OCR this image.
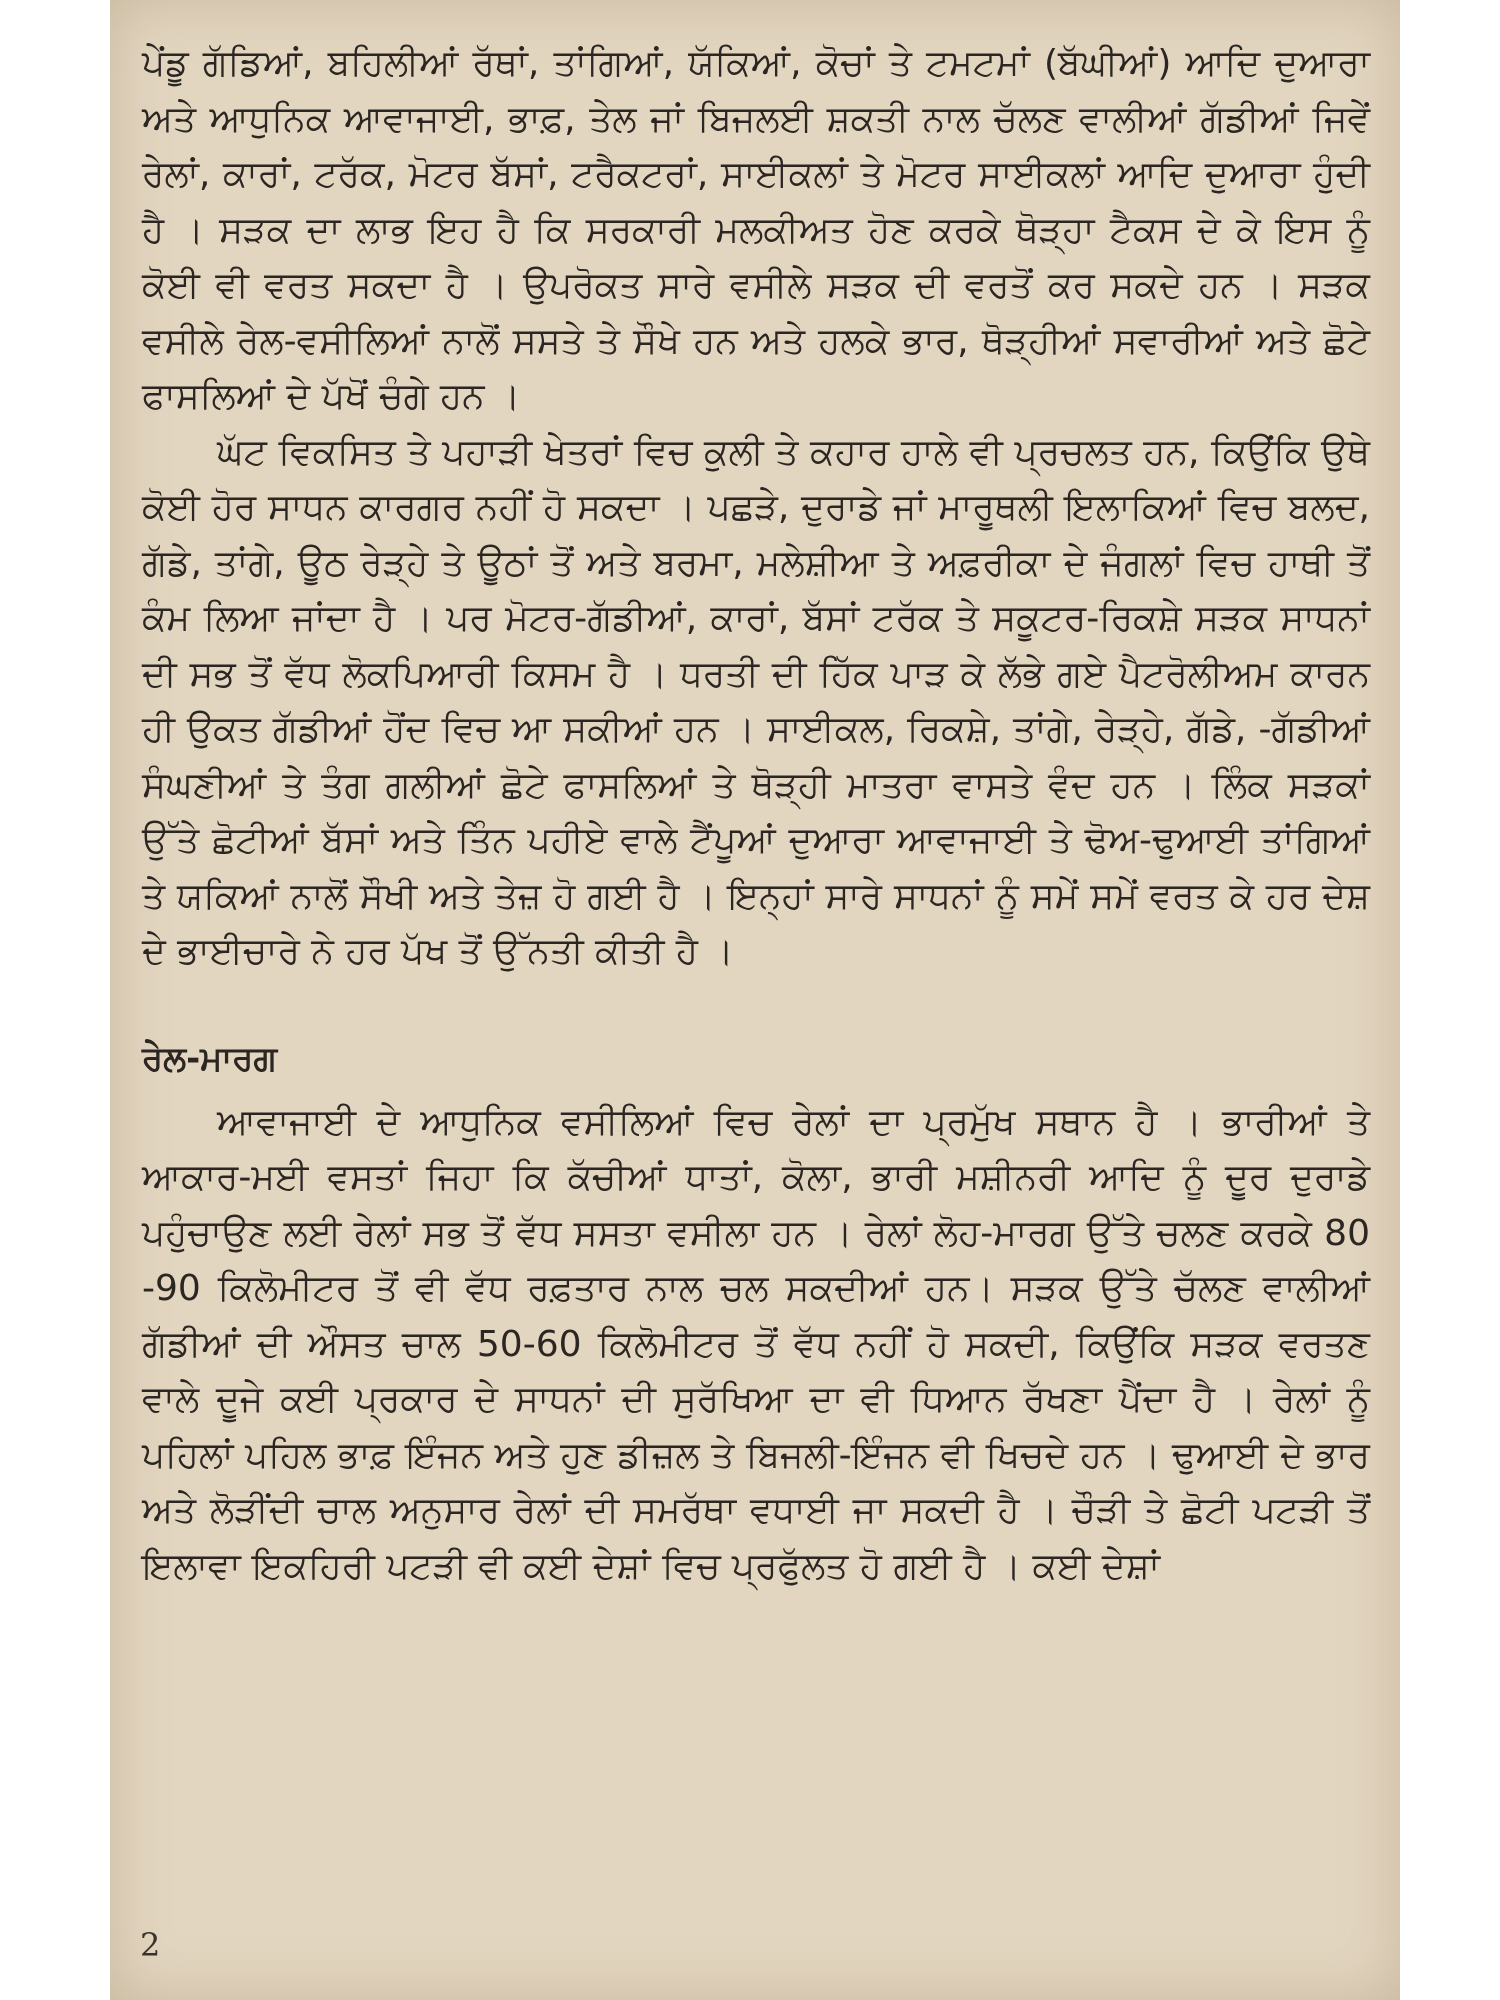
ਪੇਂਡੂ ਗੱਡਿਆਂ, ਬਹਿਲੀਆਂ ਰੱਥਾਂ, ਤਾਂਗਿਆਂ, ਯੱਕਿਆਂ, ਕੋਚਾਂ ਤੇ ਟਮਟਮਾਂ (ਬੱਘੀਆਂ) ਆਦਿ ਦੁਆਰਾ ਅਤੇ ਆਧੁਨਿਕ ਆਵਾਜਾਈ, ਭਾਫ਼, ਤੇਲ ਜਾਂ ਬਿਜਲਈ ਸ਼ਕਤੀ ਨਾਲ ਚੱਲਣ ਵਾਲੀਆਂ ਗੱਡੀਆਂ ਜਿਵੇਂ ਰੇਲਾਂ, ਕਾਰਾਂ, ਟਰੱਕ, ਮੋਟਰ ਬੱਸਾਂ, ਟਰੈਕਟਰਾਂ, ਸਾਈਕਲਾਂ ਤੇ ਮੋਟਰ ਸਾਈਕਲਾਂ ਆਦਿ ਦੁਆਰਾ ਹੁੰਦੀ ਹੈ । ਸੜਕ ਦਾ ਲਾਭ ਇਹ ਹੈ ਕਿ ਸਰਕਾਰੀ ਮਲਕੀਅਤ ਹੋਣ ਕਰਕੇ ਥੋੜ੍ਹਾ ਟੈਕਸ ਦੇ ਕੇ ਇਸ ਨੂੰ ਕੋਈ ਵੀ ਵਰਤ ਸਕਦਾ ਹੈ । ਉਪਰੋਕਤ ਸਾਰੇ ਵਸੀਲੇ ਸੜਕ ਦੀ ਵਰਤੋਂ ਕਰ ਸਕਦੇ ਹਨ । ਸੜਕ ਵਸੀਲੇ ਰੇਲ-ਵਸੀਲਿਆਂ ਨਾਲੋਂ ਸਸਤੇ ਤੇ ਸੌਖੇ ਹਨ ਅਤੇ ਹਲਕੇ ਭਾਰ, ਥੋੜ੍ਹੀਆਂ ਸਵਾਰੀਆਂ ਅਤੇ ਛੋਟੇ ਫਾਸਲਿਆਂ ਦੇ ਪੱਖੋਂ ਚੰਗੇ ਹਨ ।

ਘੱਟ ਵਿਕਸਿਤ ਤੇ ਪਹਾੜੀ ਖੇਤਰਾਂ ਵਿਚ ਕੁਲੀ ਤੇ ਕਹਾਰ ਹਾਲੇ ਵੀ ਪ੍ਰਚਲਤ ਹਨ, ਕਿਉਂਕਿ ਉਥੇ ਕੋਈ ਹੋਰ ਸਾਧਨ ਕਾਰਗਰ ਨਹੀਂ ਹੋ ਸਕਦਾ । ਪਛੜੇ, ਦੁਰਾਡੇ ਜਾਂ ਮਾਰੂਥਲੀ ਇਲਾਕਿਆਂ ਵਿਚ ਬਲਦ, ਗੱਡੇ, ਤਾਂਗੇ, ਊਠ ਰੇੜ੍ਹੇ ਤੇ ਊਠਾਂ ਤੋਂ ਅਤੇ ਬਰਮਾ, ਮਲੇਸ਼ੀਆ ਤੇ ਅਫ਼ਰੀਕਾ ਦੇ ਜੰਗਲਾਂ ਵਿਚ ਹਾਥੀ ਤੋਂ ਕੰਮ ਲਿਆ ਜਾਂਦਾ ਹੈ । ਪਰ ਮੋਟਰ-ਗੱਡੀਆਂ, ਕਾਰਾਂ, ਬੱਸਾਂ ਟਰੱਕ ਤੇ ਸਕੂਟਰ-ਰਿਕਸ਼ੇ ਸੜਕ ਸਾਧਨਾਂ ਦੀ ਸਭ ਤੋਂ ਵੱਧ ਲੋਕਪਿਆਰੀ ਕਿਸਮ ਹੈ । ਧਰਤੀ ਦੀ ਹਿੱਕ ਪਾੜ ਕੇ ਲੱਭੇ ਗਏ ਪੈਟਰੋਲੀਅਮ ਕਾਰਨ ਹੀ ਉਕਤ ਗੱਡੀਆਂ ਹੋਂਦ ਵਿਚ ਆ ਸਕੀਆਂ ਹਨ । ਸਾਈਕਲ, ਰਿਕਸ਼ੇ, ਤਾਂਗੇ, ਰੇੜ੍ਹੇ, ਗੱਡੇ, -ਗੱਡੀਆਂ ਸੰਘਣੀਆਂ ਤੇ ਤੰਗ ਗਲੀਆਂ ਛੋਟੇ ਫਾਸਲਿਆਂ ਤੇ ਥੋੜ੍ਹੀ ਮਾਤਰਾ ਵਾਸਤੇ ਵੰਦ ਹਨ । ਲਿੰਕ ਸੜਕਾਂ ਉੱਤੇ ਛੋਟੀਆਂ ਬੱਸਾਂ ਅਤੇ ਤਿੰਨ ਪਹੀਏ ਵਾਲੇ ਟੈਂਪੂਆਂ ਦੁਆਰਾ ਆਵਾਜਾਈ ਤੇ ਢੋਅ-ਢੁਆਈ ਤਾਂਗਿਆਂ ਤੇ ਯਕਿਆਂ ਨਾਲੋਂ ਸੌਖੀ ਅਤੇ ਤੇਜ਼ ਹੋ ਗਈ ਹੈ । ਇਨ੍ਹਾਂ ਸਾਰੇ ਸਾਧਨਾਂ ਨੂੰ ਸਮੇਂ ਸਮੇਂ ਵਰਤ ਕੇ ਹਰ ਦੇਸ਼ ਦੇ ਭਾਈਚਾਰੇ ਨੇ ਹਰ ਪੱਖ ਤੋਂ ਉੱਨਤੀ ਕੀਤੀ ਹੈ ।

ਰੇਲ-ਮਾਰਗ

ਆਵਾਜਾਈ ਦੇ ਆਧੁਨਿਕ ਵਸੀਲਿਆਂ ਵਿਚ ਰੇਲਾਂ ਦਾ ਪ੍ਰਮੁੱਖ ਸਥਾਨ ਹੈ । ਭਾਰੀਆਂ ਤੇ ਆਕਾਰ-ਮਈ ਵਸਤਾਂ ਜਿਹਾ ਕਿ ਕੱਚੀਆਂ ਧਾਤਾਂ, ਕੋਲਾ, ਭਾਰੀ ਮਸ਼ੀਨਰੀ ਆਦਿ ਨੂੰ ਦੂਰ ਦੁਰਾਡੇ ਪਹੁੰਚਾਉਣ ਲਈ ਰੇਲਾਂ ਸਭ ਤੋਂ ਵੱਧ ਸਸਤਾ ਵਸੀਲਾ ਹਨ । ਰੇਲਾਂ ਲੋਹ-ਮਾਰਗ ਉੱਤੇ ਚਲਣ ਕਰਕੇ 80 -90 ਕਿਲੋਮੀਟਰ ਤੋਂ ਵੀ ਵੱਧ ਰਫ਼ਤਾਰ ਨਾਲ ਚਲ ਸਕਦੀਆਂ ਹਨ। ਸੜਕ ਉੱਤੇ ਚੱਲਣ ਵਾਲੀਆਂ ਗੱਡੀਆਂ ਦੀ ਔਸਤ ਚਾਲ 50-60 ਕਿਲੋਮੀਟਰ ਤੋਂ ਵੱਧ ਨਹੀਂ ਹੋ ਸਕਦੀ, ਕਿਉਂਕਿ ਸੜਕ ਵਰਤਣ ਵਾਲੇ ਦੂਜੇ ਕਈ ਪ੍ਰਕਾਰ ਦੇ ਸਾਧਨਾਂ ਦੀ ਸੁਰੱਖਿਆ ਦਾ ਵੀ ਧਿਆਨ ਰੱਖਣਾ ਪੈਂਦਾ ਹੈ । ਰੇਲਾਂ ਨੂੰ ਪਹਿਲਾਂ ਪਹਿਲ ਭਾਫ਼ ਇੰਜਨ ਅਤੇ ਹੁਣ ਡੀਜ਼ਲ ਤੇ ਬਿਜਲੀ-ਇੰਜਨ ਵੀ ਖਿਚਦੇ ਹਨ । ਢੁਆਈ ਦੇ ਭਾਰ ਅਤੇ ਲੋੜੀਂਦੀ ਚਾਲ ਅਨੁਸਾਰ ਰੇਲਾਂ ਦੀ ਸਮਰੱਥਾ ਵਧਾਈ ਜਾ ਸਕਦੀ ਹੈ । ਚੌੜੀ ਤੇ ਛੋਟੀ ਪਟੜੀ ਤੋਂ ਇਲਾਵਾ ਇਕਹਿਰੀ ਪਟੜੀ ਵੀ ਕਈ ਦੇਸ਼ਾਂ ਵਿਚ ਪ੍ਰਫੁੱਲਤ ਹੋ ਗਈ ਹੈ । ਕਈ ਦੇਸ਼ਾਂ

2
